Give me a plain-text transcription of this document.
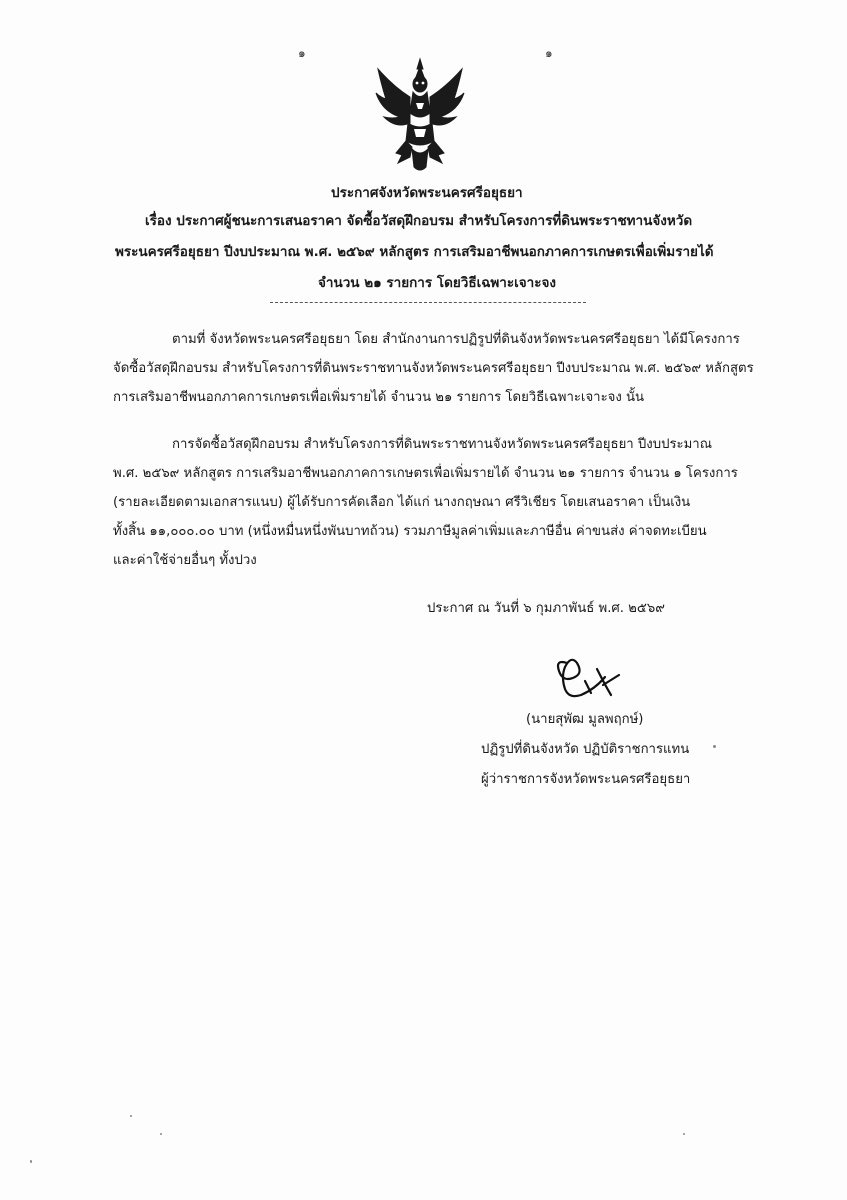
๑	๑
ประกาศจังหวัดพระนครศรีอยุธยา
เรื่อง ประกาศผู้ชนะการเสนอราคา จัดซื้อวัสดุฝึกอบรม สำหรับโครงการที่ดินพระราชทานจังหวัด
พระนครศรีอยุธยา ปีงบประมาณ พ.ศ. ๒๕๖๙ หลักสูตร การเสริมอาชีพนอกภาคการเกษตรเพื่อเพิ่มรายได้
จำนวน ๒๑ รายการ โดยวิธีเฉพาะเจาะจง
ตามที่ จังหวัดพระนครศรีอยุธยา โดย สำนักงานการปฏิรูปที่ดินจังหวัดพระนครศรีอยุธยา ได้มีโครงการ
จัดซื้อวัสดุฝึกอบรม สำหรับโครงการที่ดินพระราชทานจังหวัดพระนครศรีอยุธยา ปีงบประมาณ พ.ศ. ๒๕๖๙ หลักสูตร
การเสริมอาชีพนอกภาคการเกษตรเพื่อเพิ่มรายได้ จำนวน ๒๑ รายการ โดยวิธีเฉพาะเจาะจง นั้น
การจัดซื้อวัสดุฝึกอบรม สำหรับโครงการที่ดินพระราชทานจังหวัดพระนครศรีอยุธยา ปีงบประมาณ
พ.ศ. ๒๕๖๙ หลักสูตร การเสริมอาชีพนอกภาคการเกษตรเพื่อเพิ่มรายได้ จำนวน ๒๑ รายการ จำนวน ๑ โครงการ
(รายละเอียดตามเอกสารแนบ) ผู้ได้รับการคัดเลือก ได้แก่ นางกฤษณา ศรีวิเชียร โดยเสนอราคา เป็นเงิน
ทั้งสิ้น ๑๑,๐๐๐.๐๐ บาท (หนึ่งหมื่นหนึ่งพันบาทถ้วน) รวมภาษีมูลค่าเพิ่มและภาษีอื่น ค่าขนส่ง ค่าจดทะเบียน
และค่าใช้จ่ายอื่นๆ ทั้งปวง
ประกาศ ณ วันที่ ๖ กุมภาพันธ์ พ.ศ. ๒๕๖๙
(นายสุพัฒ มูลพฤกษ์)
ปฏิรูปที่ดินจังหวัด ปฏิบัติราชการแทน
ผู้ว่าราชการจังหวัดพระนครศรีอยุธยา
